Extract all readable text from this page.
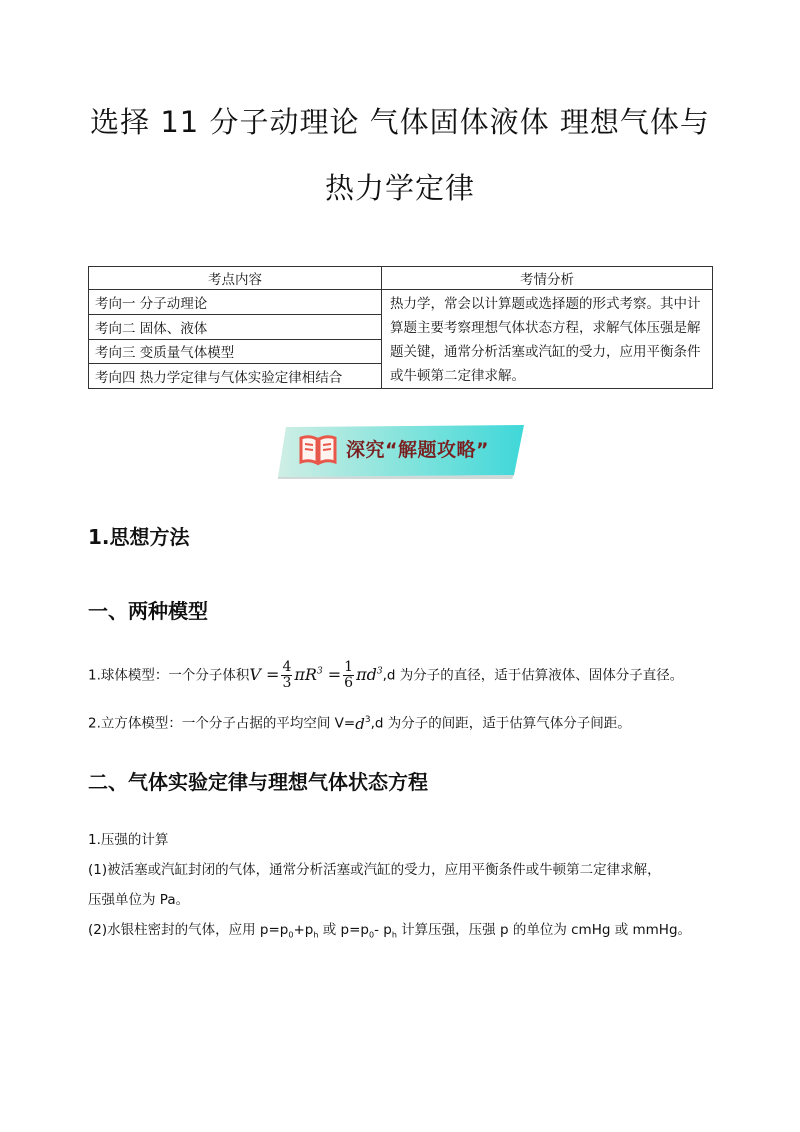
选择 11 分子动理论 气体固体液体 理想气体与
热力学定律
考点内容	考情分析
考向一 分子动理论	热力学，常会以计算题或选择题的形式考察。其中计算题主要考察理想气体状态方程，求解气体压强是解题关键，通常分析活塞或汽缸的受力，应用平衡条件或牛顿第二定律求解。
考向二 固体、液体	
考向三 变质量气体模型	
考向四 热力学定律与气体实验定律相结合	
深究“解题攻略”
1.思想方法
一、两种模型
1.球体模型：一个分子体积$V = \frac{4}{3} \pi R^3 = \frac{1}{6} \pi d^3,d$ 为分子的直径，适于估算液体、固体分子直径。
2.立方体模型：一个分子占据的平均空间 $V=d^3,d$ 为分子的间距，适于估算气体分子间距。
二、气体实验定律与理想气体状态方程
1.压强的计算
(1)被活塞或汽缸封闭的气体，通常分析活塞或汽缸的受力，应用平衡条件或牛顿第二定律求解，
压强单位为 Pa。
(2)水银柱密封的气体，应用 $p=p_0+p_h$ 或 $p=p_0-$ $p_h$ 计算压强，压强 p 的单位为 cmHg 或 mmHg。
